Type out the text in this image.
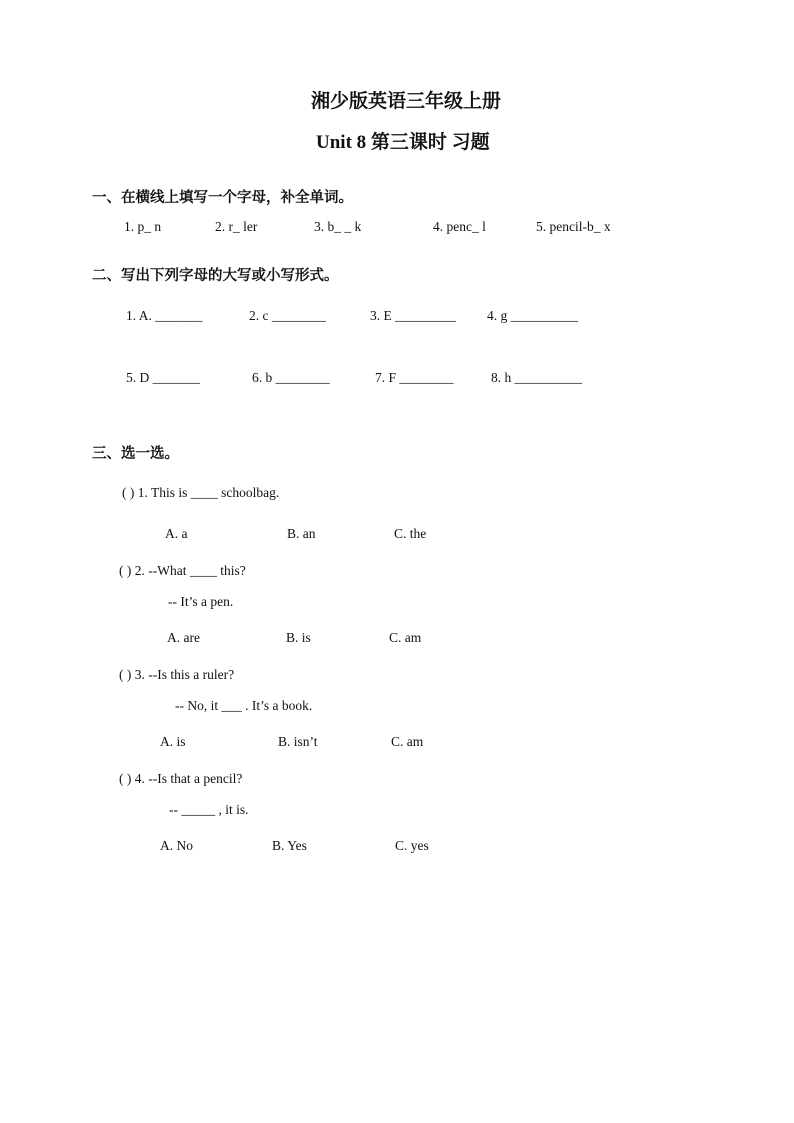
湘少版英语三年级上册
Unit 8 第三课时 习题
一、在横线上填写一个字母，补全单词。
1. p_ n	2. r_ ler	3. b_ _ k	4. penc_ l	5. pencil-b_ x
二、写出下列字母的大写或小写形式。
1. A. _______	2. c ________	3. E _________ 4. g __________
5. D _______	6. b ________	7. F ________	8. h __________
三、选一选。
( ) 1. This is ____ schoolbag.
A. a	B. an	C. the
( ) 2. --What ____ this?
-- It’s a pen.
A. are	B. is	C. am
( ) 3. --Is this a ruler?
-- No, it ___ . It’s a book.
A. is	B. isn’t	C. am
( ) 4. --Is that a pencil?
-- _____ , it is.
A. No	B. Yes	C. yes
